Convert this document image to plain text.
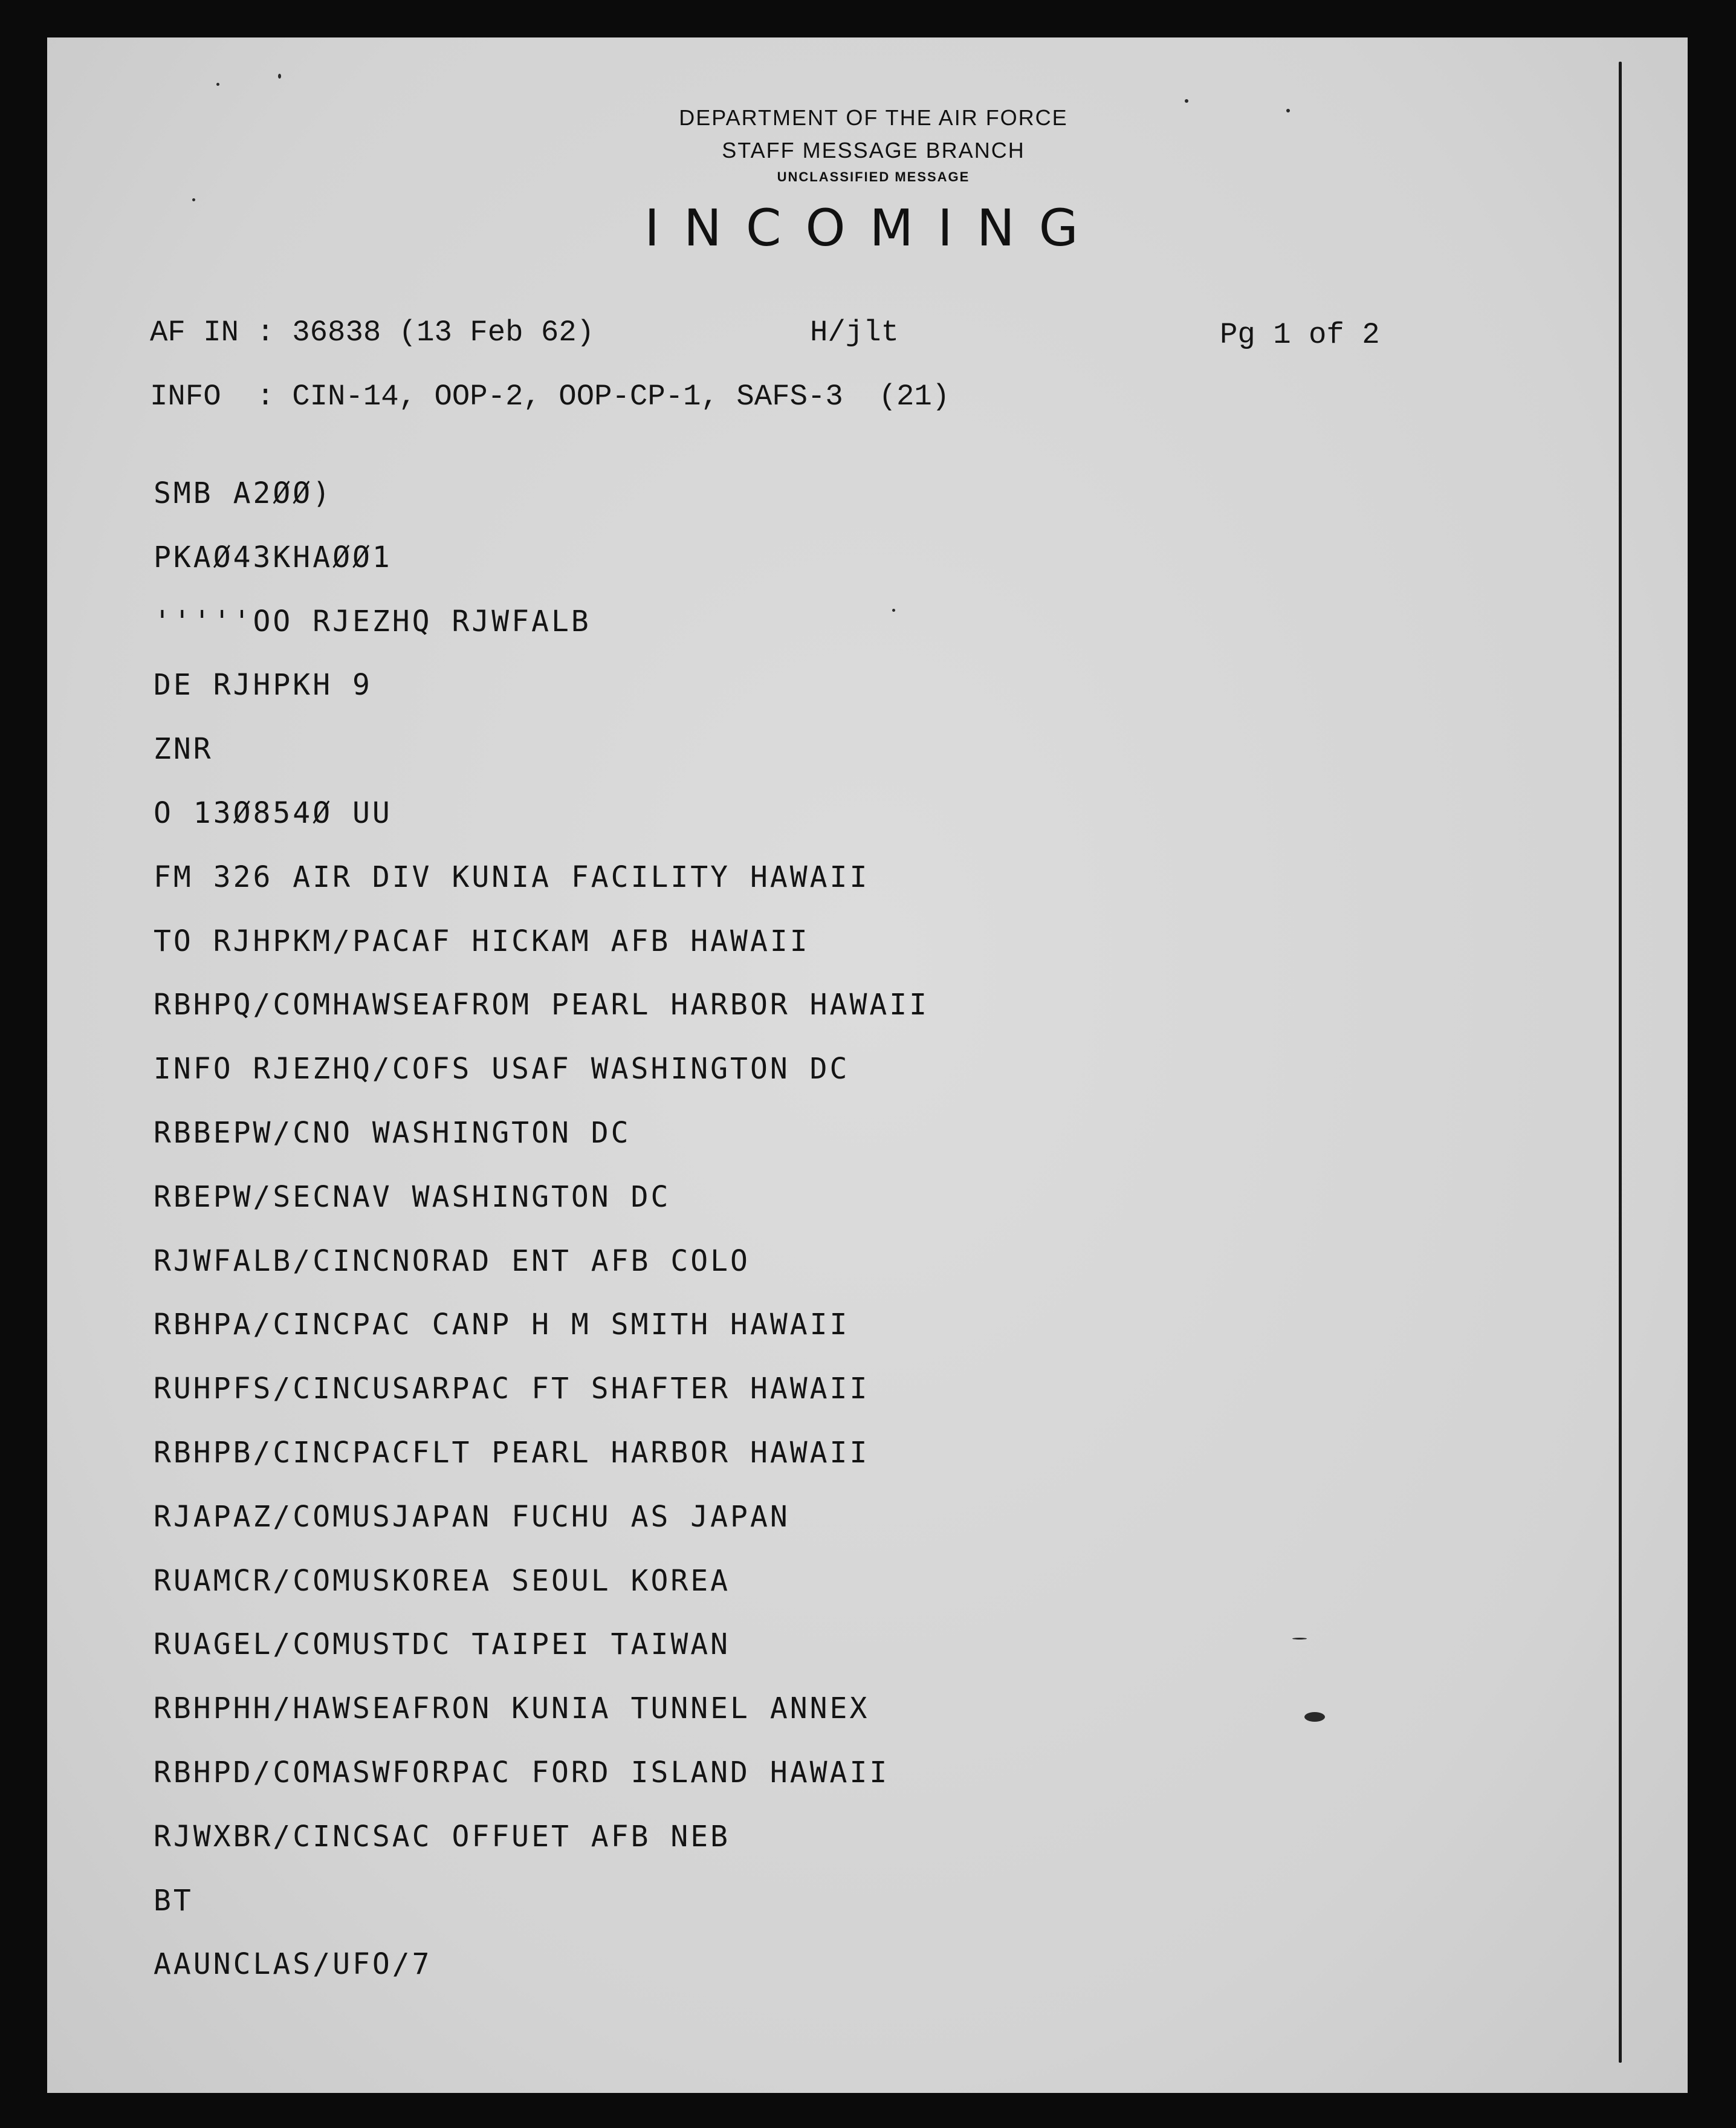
DEPARTMENT OF THE AIR FORCE
STAFF MESSAGE BRANCH
UNCLASSIFIED MESSAGE
INCOMING
AF IN : 36838 (13 Feb 62)	H/jlt	Pg 1 of 2
INFO  : CIN-14, OOP-2, OOP-CP-1, SAFS-3  (21)
SMB A2ØØ)
PKAØ43KHAØØ1
'''''OO RJEZHQ RJWFALB
DE RJHPKH 9
ZNR
O 13Ø854Ø UU
FM 326 AIR DIV KUNIA FACILITY HAWAII
TO RJHPKM/PACAF HICKAM AFB HAWAII
RBHPQ/COMHAWSEAFROM PEARL HARBOR HAWAII
INFO RJEZHQ/COFS USAF WASHINGTON DC
RBBEPW/CNO WASHINGTON DC
RBEPW/SECNAV WASHINGTON DC
RJWFALB/CINCNORAD ENT AFB COLO
RBHPA/CINCPAC CANP H M SMITH HAWAII
RUHPFS/CINCUSARPAC FT SHAFTER HAWAII
RBHPB/CINCPACFLT PEARL HARBOR HAWAII
RJAPAZ/COMUSJAPAN FUCHU AS JAPAN
RUAMCR/COMUSKOREA SEOUL KOREA
RUAGEL/COMUSTDC TAIPEI TAIWAN
RBHPHH/HAWSEAFRON KUNIA TUNNEL ANNEX
RBHPD/COMASWFORPAC FORD ISLAND HAWAII
RJWXBR/CINCSAC OFFUET AFB NEB
BT
AAUNCLAS/UFO/7
